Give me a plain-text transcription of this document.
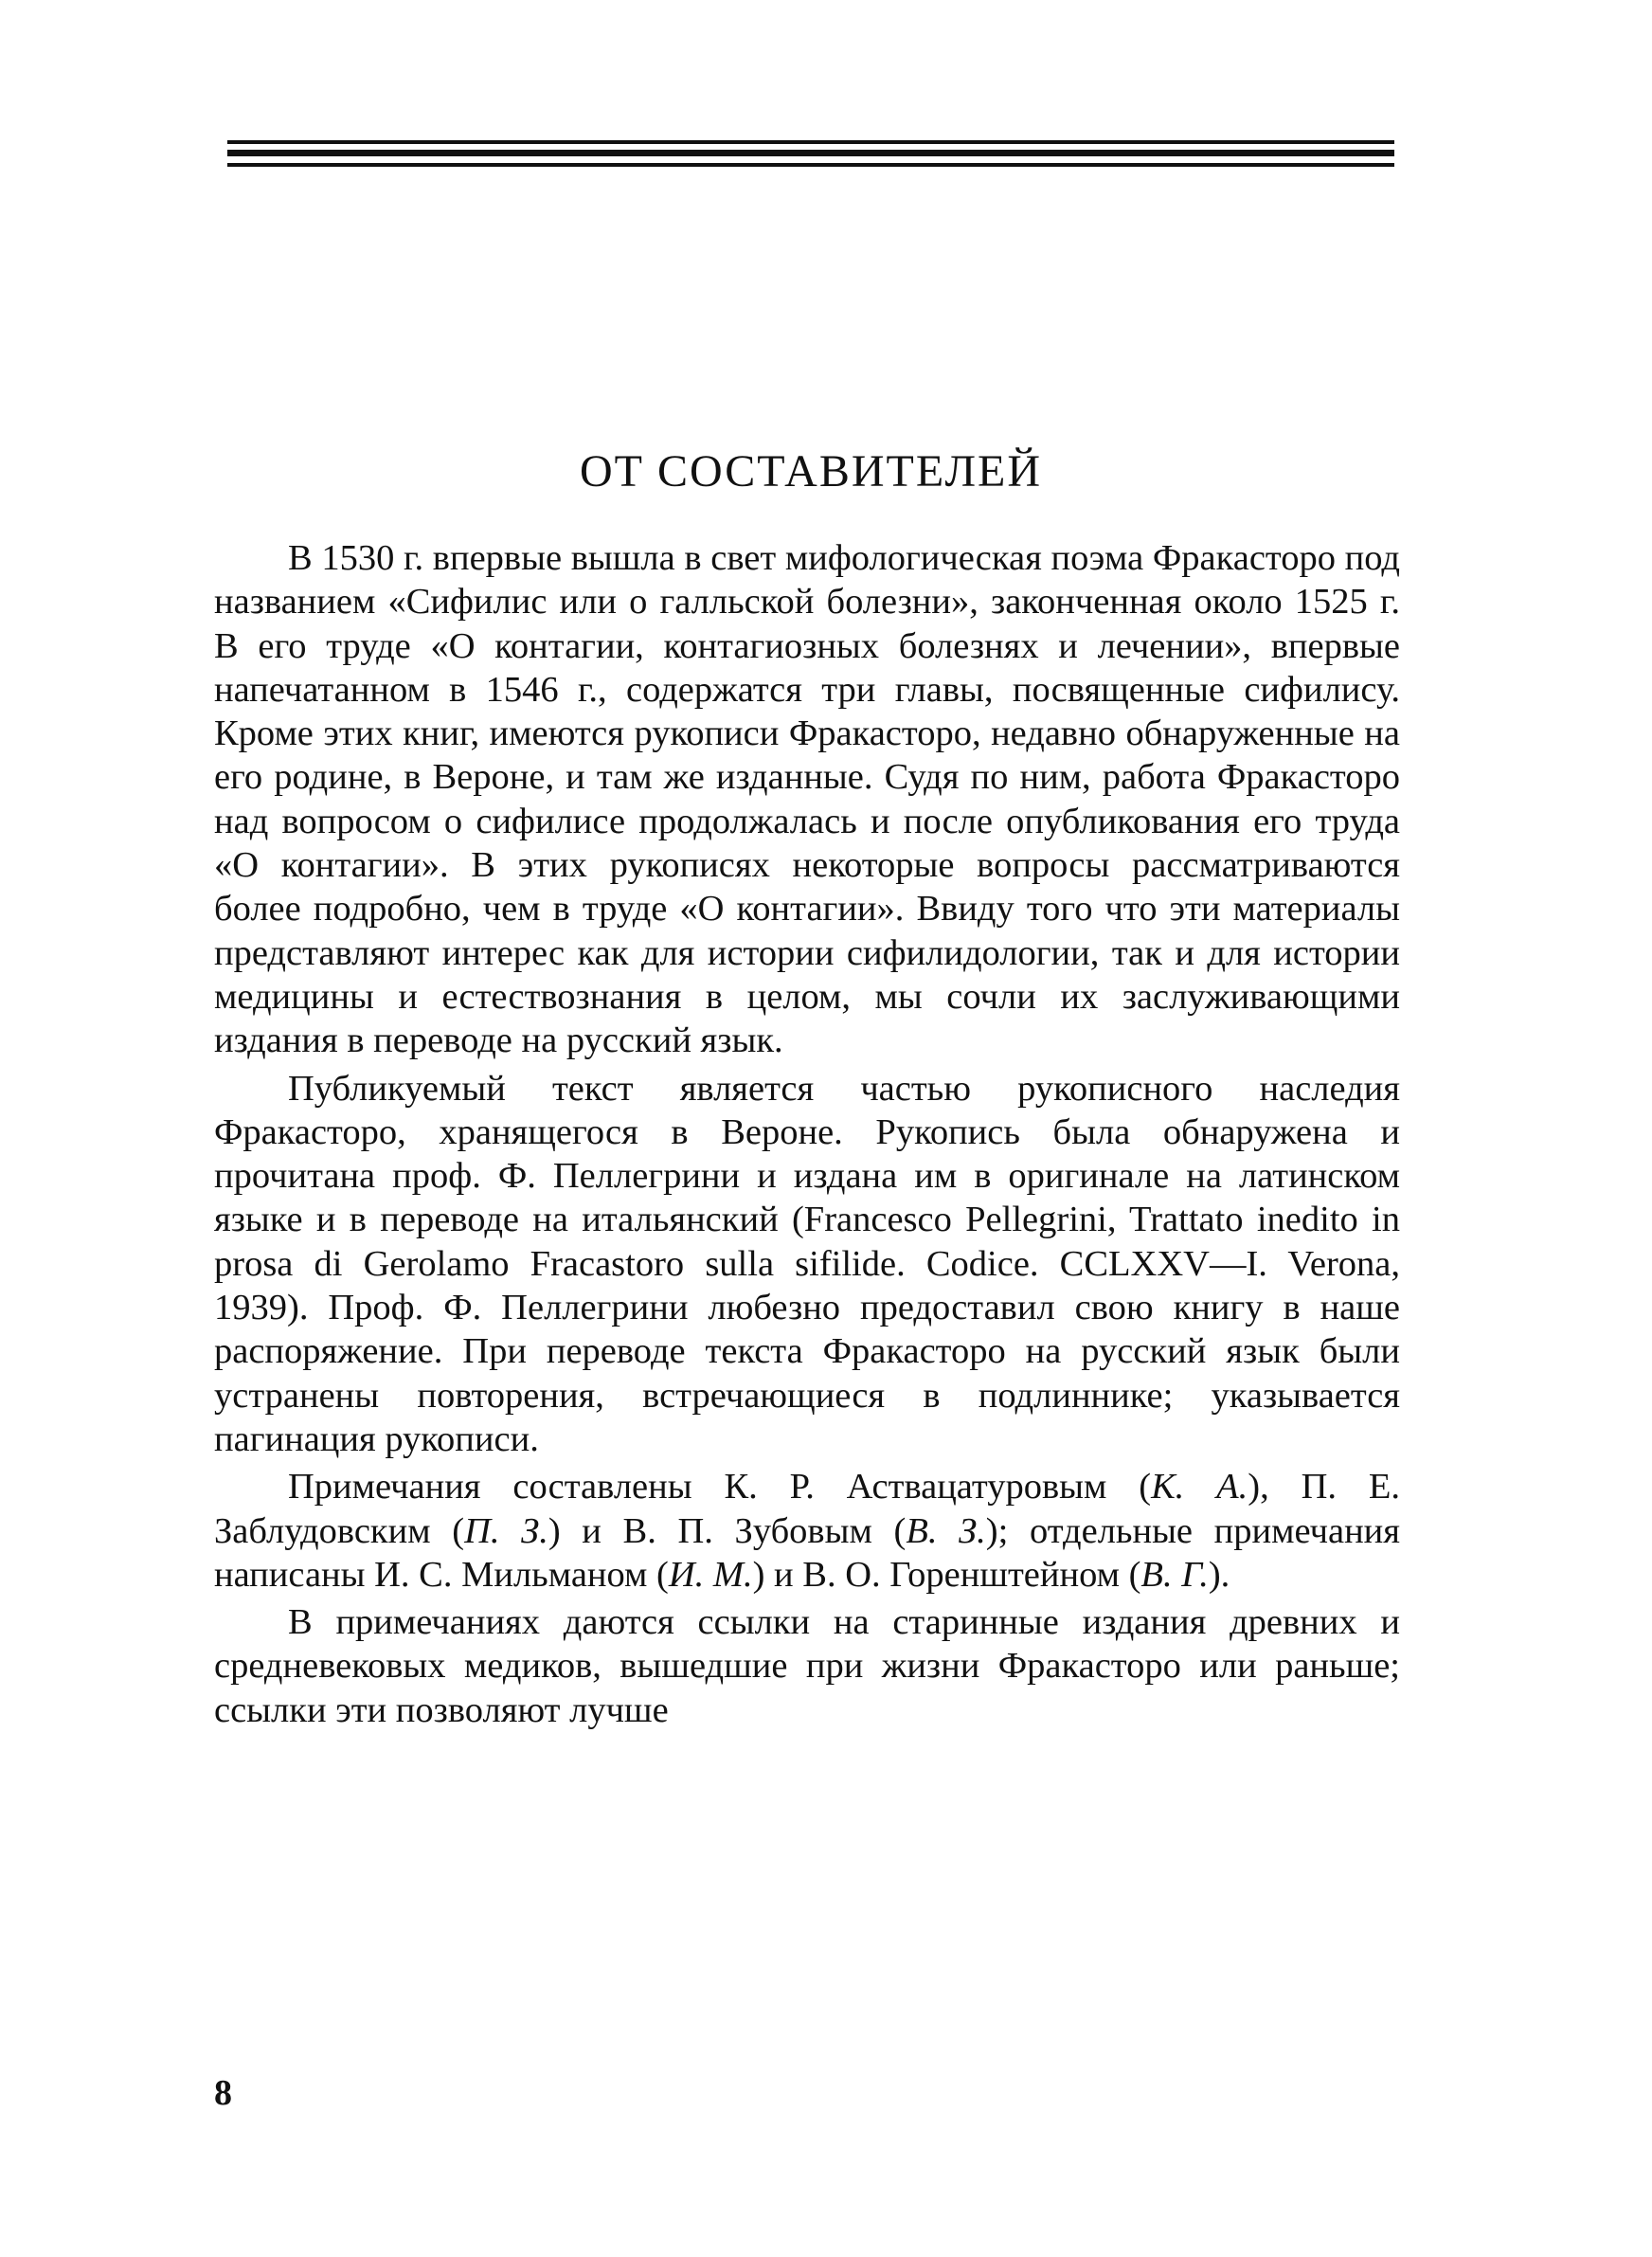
ОТ СОСТАВИТЕЛЕЙ

В 1530 г. впервые вышла в свет мифологическая поэма Фракасторо под названием «Сифилис или о галльской болезни», законченная около 1525 г. В его труде «О контагии, контагиозных болезнях и лечении», впервые напечатанном в 1546 г., содержатся три главы, посвященные сифилису. Кроме этих книг, имеются рукописи Фракасторо, недавно обнаруженные на его родине, в Вероне, и там же изданные. Судя по ним, работа Фракасторо над вопросом о сифилисе продолжалась и после опубликования его труда «О контагии». В этих рукописях некоторые вопросы рассматриваются более подробно, чем в труде «О контагии». Ввиду того что эти материалы представляют интерес как для истории сифилидологии, так и для истории медицины и естествознания в целом, мы сочли их заслуживающими издания в переводе на русский язык.

Публикуемый текст является частью рукописного наследия Фракасторо, хранящегося в Вероне. Рукопись была обнаружена и прочитана проф. Ф. Пеллегрини и издана им в оригинале на латинском языке и в переводе на итальянский (Francesco Pellegrini, Trattato inedito in prosa di Gerolamo Fracastoro sulla sifilide. Codice. CCLXXV—I. Verona, 1939). Проф. Ф. Пеллегрини любезно предоставил свою книгу в наше распоряжение. При переводе текста Фракасторо на русский язык были устранены повторения, встречающиеся в подлиннике; указывается пагинация рукописи.

Примечания составлены К. Р. Аствацатуровым (К. А.), П. Е. Заблудовским (П. З.) и В. П. Зубовым (В. З.); отдельные примечания написаны И. С. Мильманом (И. М.) и В. О. Горенштейном (В. Г.).

В примечаниях даются ссылки на старинные издания древних и средневековых медиков, вышедшие при жизни Фракасторо или раньше; ссылки эти позволяют лучше

8
